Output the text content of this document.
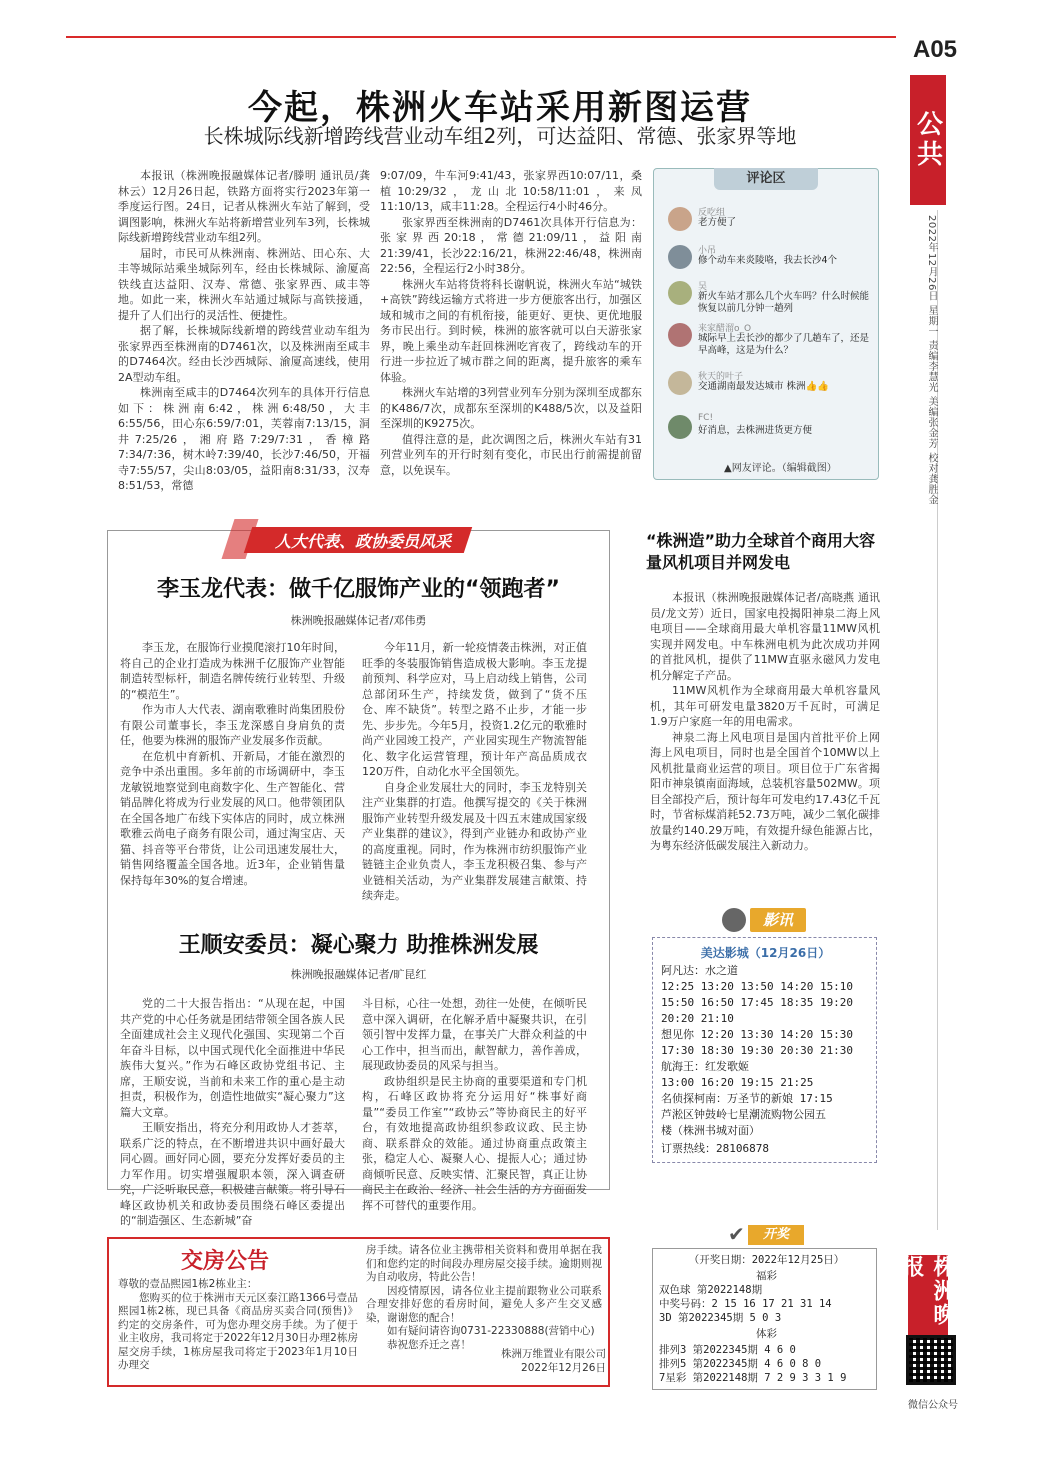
A05
公共
2022年12月26日 星期一 责编李慧光 美编张金芳 校对龚胜金
株洲晚报
微信公众号
今起，株洲火车站采用新图运营
长株城际线新增跨线营业动车组2列，可达益阳、常德、张家界等地

本报讯（株洲晚报融媒体记者/滕明 通讯员/龚林云）12月26日起，铁路方面将实行2023年第一季度运行图。24日，记者从株洲火车站了解到，受调图影响，株洲火车站将新增营业列车3列，长株城际线新增跨线营业动车组2列。

届时，市民可从株洲南、株洲站、田心东、大丰等城际站乘坐城际列车，经由长株城际、渝厦高铁线直达益阳、汉寿、常德、张家界西、咸丰等地。如此一来，株洲火车站通过城际与高铁接通，提升了人们出行的灵活性、便捷性。

据了解，长株城际线新增的跨线营业动车组为张家界西至株洲南的D7461次，以及株洲南至咸丰的D7464次。经由长沙西城际、渝厦高速线，使用2A型动车组。

株洲南至咸丰的D7464次列车的具体开行信息如下：株洲南6:42，株洲6:48/50，大丰6:55/56，田心东6:59/7:01，芙蓉南7:13/15，洞井7:25/26，湘府路7:29/7:31，香樟路7:34/7:36，树木岭7:39/40，长沙7:46/50，开福寺7:55/57，尖山8:03/05，益阳南8:31/33，汉寿8:51/53，常德

9:07/09，牛车河9:41/43，张家界西10:07/11，桑植10:29/32，龙山北10:58/11:01，来凤11:10/13，咸丰11:28。全程运行4小时46分。

张家界西至株洲南的D7461次具体开行信息为：张家界西20:18，常德21:09/11，益阳南21:39/41，长沙22:16/21，株洲22:46/48，株洲南22:56，全程运行2小时38分。

株洲火车站将货将科长谢帆说，株洲火车站“城铁+高铁”跨线运输方式将进一步方便旅客出行，加强区域和城市之间的有机衔接，能更好、更快、更优地服务市民出行。到时候，株洲的旅客就可以白天游张家界，晚上乘坐动车赶回株洲吃宵夜了，跨线动车的开行进一步拉近了城市群之间的距离，提升旅客的乘车体验。

株洲火车站增的3列营业列车分别为深圳至成都东的K486/7次，成都东至深圳的K488/5次，以及益阳至深圳的K9275次。

值得注意的是，此次调图之后，株洲火车站有31列营业列车的开行时刻有变化，市民出行前需提前留意，以免误车。

评论区
反吃组
老方便了
小吊
修个动车来炎陵咯，我去长沙4个
吴
新火车站才那么几个火车吗？什么时候能恢复以前几分钟一趟列
来家醋溜o_O
城际早上去长沙的都少了几趟车了，还是早高峰，这是为什么？
秋天的叶子
交通湖南最发达城市 株洲👍👍
FC!
好消息，去株洲进货更方便
▲网友评论。（编辑截图）
人大代表、政协委员风采
李玉龙代表：做千亿服饰产业的“领跑者”
株洲晚报融媒体记者/邓伟勇

李玉龙，在服饰行业摸爬滚打10年时间，将自己的企业打造成为株洲千亿服饰产业智能制造转型标杆，制造名牌传统行业转型、升级的“模范生”。

作为市人大代表、湖南歌雅时尚集团股份有限公司董事长，李玉龙深感自身肩负的责任，他要为株洲的服饰产业发展多作贡献。

在危机中育新机、开新局，才能在激烈的竞争中杀出重围。多年前的市场调研中，李玉龙敏锐地察觉到电商数字化、生产智能化、营销品牌化将成为行业发展的风口。他带领团队在全国各地广布线下实体店的同时，成立株洲歌雅云尚电子商务有限公司，通过淘宝店、天猫、抖音等平台带货，让公司迅速发展壮大，销售网络覆盖全国各地。近3年，企业销售量保持每年30%的复合增速。

今年11月，新一轮疫情袭击株洲，对正值旺季的冬装服饰销售造成极大影响。李玉龙提前预判、科学应对，马上启动线上销售，公司总部闭环生产，持续发货，做到了“货不压仓、库不缺货”。转型之路不止步，才能一步先、步步先。今年5月，投资1.2亿元的歌雅时尚产业园竣工投产，产业园实现生产物流智能化、数字化运营管理，预计年产高品质成衣120万件，自动化水平全国领先。

自身企业发展壮大的同时，李玉龙特别关注产业集群的打造。他撰写提交的《关于株洲服饰产业转型升级发展及十四五末建成国家级产业集群的建议》，得到产业链办和政协产业的高度重视。同时，作为株洲市纺织服饰产业链链主企业负责人，李玉龙积极召集、参与产业链相关活动，为产业集群发展建言献策、持续奔走。

王顺安委员：凝心聚力 助推株洲发展
株洲晚报融媒体记者/旷昆红

党的二十大报告指出：“从现在起，中国共产党的中心任务就是团结带领全国各族人民全面建成社会主义现代化强国、实现第二个百年奋斗目标，以中国式现代化全面推进中华民族伟大复兴。”作为石峰区政协党组书记、主席，王顺安说，当前和未来工作的重心是主动担责，积极作为，创造性地做实“凝心聚力”这篇大文章。

王顺安指出，将充分利用政协人才荟萃，联系广泛的特点，在不断增进共识中画好最大同心圆。画好同心圆，要充分发挥好委员的主力军作用。切实增强履职本领，深入调查研究，广泛听取民意，积极建言献策。将引导石峰区政协机关和政协委员围绕石峰区委提出的“制造强区、生态新城”奋

斗目标，心往一处想，劲往一处使，在倾听民意中深入调研，在化解矛盾中凝聚共识，在引领引智中发挥力量，在事关广大群众利益的中心工作中，担当而出，献智献力，善作善成，展现政协委员的风采与担当。

政协组织是民主协商的重要渠道和专门机构，石峰区政协将充分运用好“株事好商量”“委员工作室”“政协云”等协商民主的好平台，有效地提高政协组织参政议政、民主协商、联系群众的效能。通过协商重点政策主张，稳定人心、凝聚人心、提振人心；通过协商倾听民意、反映实情、汇聚民智，真正让协商民主在政治、经济、社会生活的方方面面发挥不可替代的重要作用。

“株洲造”助力全球首个商用大容量风机项目并网发电

本报讯（株洲晚报融媒体记者/高晓燕 通讯员/龙文芳）近日，国家电投揭阳神泉二海上风电项目——全球商用最大单机容量11MW风机实现并网发电。中车株洲电机为此次成功并网的首批风机，提供了11MW直驱永磁风力发电机分解定子产品。

11MW风机作为全球商用最大单机容量风机，其年可研发电量3820万千瓦时，可满足1.9万户家庭一年的用电需求。

神泉二海上风电项目是国内首批平价上网海上风电项目，同时也是全国首个10MW以上风机批量商业运营的项目。项目位于广东省揭阳市神泉镇南面海域，总装机容量502MW。项目全部投产后，预计每年可发电约17.43亿千瓦时，节省标煤消耗52.73万吨，减少二氧化碳排放量约140.29万吨，有效提升绿色能源占比，为粤东经济低碳发展注入新动力。

影讯
美达影城（12月26日）
阿凡达：水之道
12:25 13:20 13:50 14:20 15:10
15:50 16:50 17:45 18:35 19:20
20:20 21:10
想见你 12:20 13:30 14:20 15:30
17:30 18:30 19:30 20:30 21:30
航海王：红发歌姬
13:00 16:20 19:15 21:25
名侦探柯南：万圣节的新娘 17:15
芦淞区钟鼓岭七星潮流购物公园五
楼（株洲书城对面）
订票热线：28106878
✔	开奖
（开奖日期：2022年12月25日）
福彩
双色球 第2022148期
中奖号码：2 15 16 17 21 31 14
3D 第2022345期 5 0 3
体彩
排列3 第2022345期 4 6 0
排列5 第2022345期 4 6 0 8 0
7星彩 第2022148期 7 2 9 3 3 1 9
交房公告

尊敬的壹品熙园1栋2栋业主：

您购买的位于株洲市天元区泰江路1366号壹品熙园1栋2栋，现已具备《商品房买卖合同(预售)》约定的交房条件，可为您办理交房手续。为了便于业主收房，我司将定于2022年12月30日办理2栋房屋交房手续，1栋房屋我司将定于2023年1月10日办理交

房手续。请各位业主携带相关资料和费用单据在我们和您约定的时间段办理房屋交接手续。逾期则视为自动收房，特此公告！

因疫情原因，请各位业主提前跟物业公司联系合理安排好您的看房时间，避免人多产生交叉感染，谢谢您的配合！

如有疑问请咨询0731-22330888(营销中心)

恭祝您乔迁之喜！

株洲万维置业有限公司
2022年12月26日
